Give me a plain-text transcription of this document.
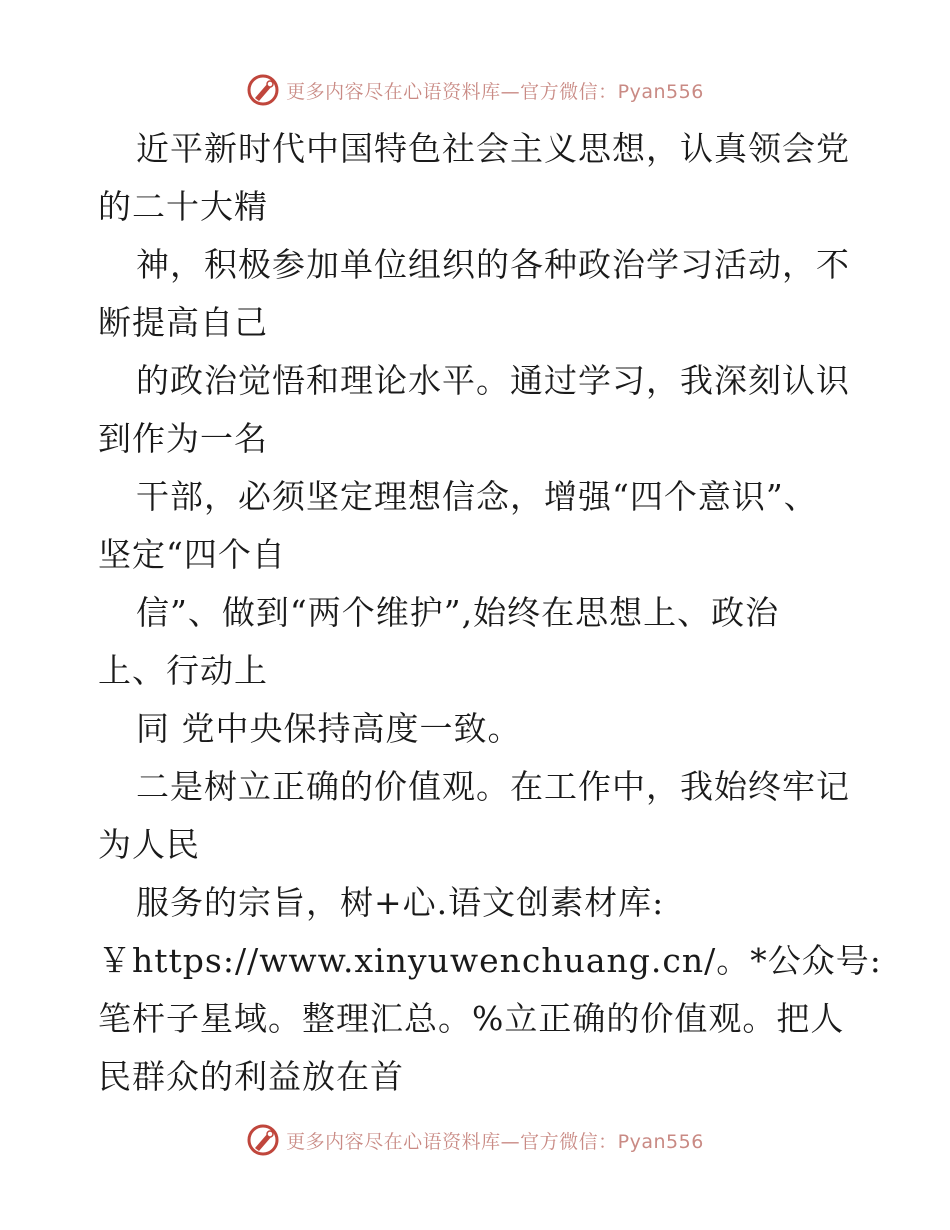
更多内容尽在心语资料库—官方微信：Pyan556
近平新时代中国特色社会主义思想，认真领会党
的二十大精
神，积极参加单位组织的各种政治学习活动，不
断提高自己
的政治觉悟和理论水平。通过学习，我深刻认识
到作为一名
干部，必须坚定理想信念，增强“四个意识”、
坚定“四个自
信”、做到“两个维护”,始终在思想上、政治
上、行动上
同 党中央保持高度一致。
二是树立正确的价值观。在工作中，我始终牢记
为人民
服务的宗旨，树+心.语文创素材库:
￥https://www.xinyuwenchuang.cn/。*公众号:
笔杆子星域。整理汇总。%立正确的价值观。把人
民群众的利益放在首
更多内容尽在心语资料库—官方微信：Pyan556
